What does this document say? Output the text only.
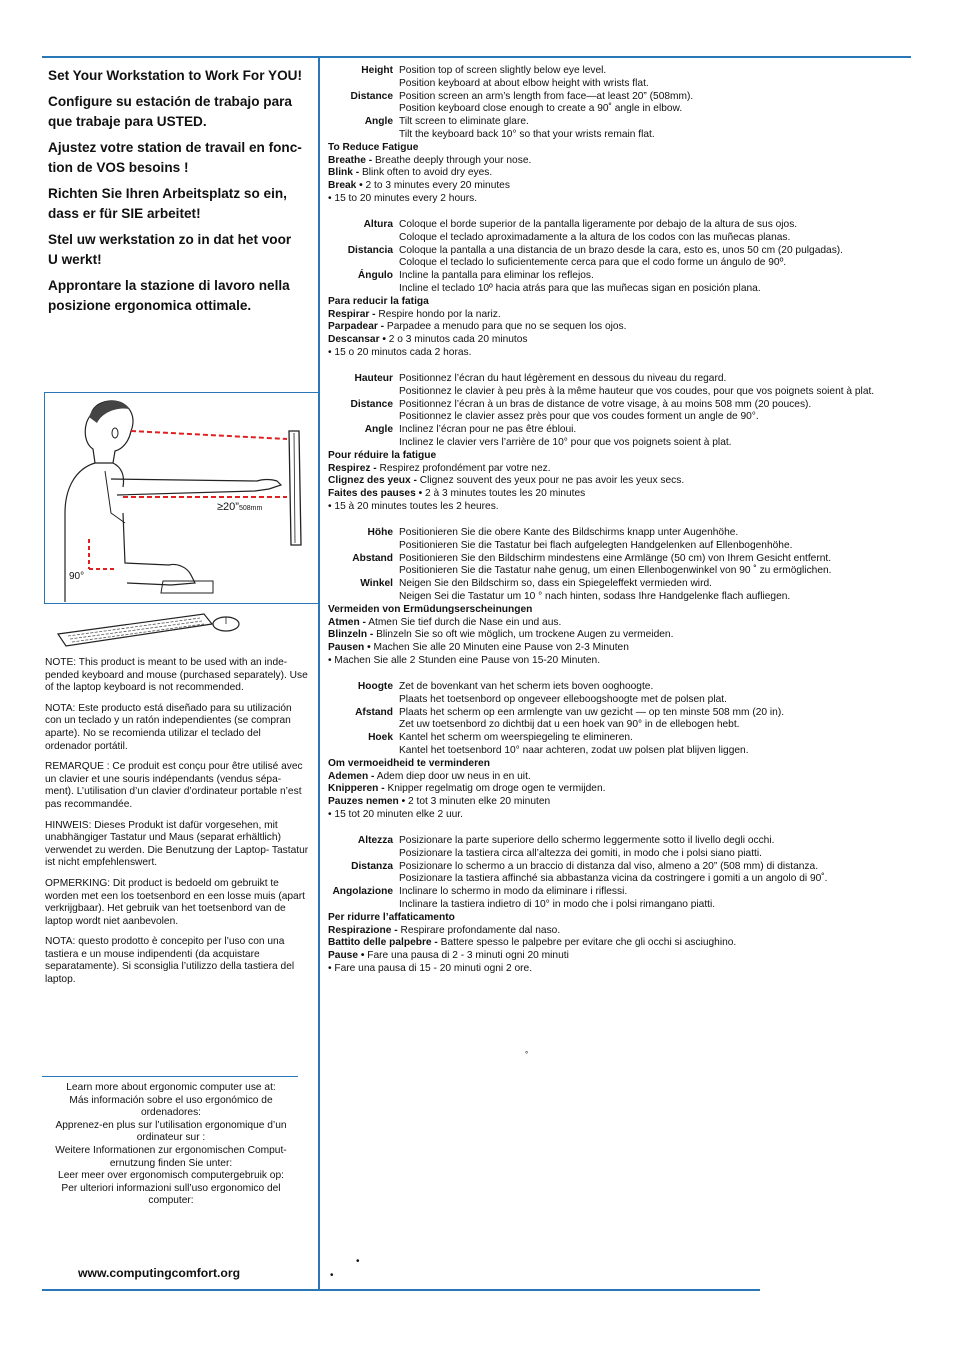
Set Your Workstation to Work For YOU!
Configure su estación de trabajo para que trabaje para USTED.
Ajustez votre station de travail en fonc- tion de VOS besoins !
Richten Sie Ihren Arbeitsplatz so ein, dass er für SIE arbeitet!
Stel uw werkstation zo in dat het voor U werkt!
Approntare la stazione di lavoro nella posizione ergonomica ottimale.
≥20”508mm
90°
NOTE: This product is meant to be used with an inde- pended keyboard and mouse (purchased separately). Use of the laptop keyboard is not recommended.
NOTA: Este producto está diseñado para su utilización con un teclado y un ratón independientes (se compran aparte). No se recomienda utilizar el teclado del ordenador portátil.
REMARQUE : Ce produit est conçu pour être utilisé avec un clavier et une souris indépendants (vendus sépa- ment). L’utilisation d’un clavier d’ordinateur portable n’est pas recommandée.
HINWEIS: Dieses Produkt ist dafür vorgesehen, mit unabhängiger Tastatur und Maus (separat erhältlich) verwendet zu werden. Die Benutzung der Laptop- Tastatur ist nicht empfehlenswert.
OPMERKING: Dit product is bedoeld om gebruikt te worden met een los toetsenbord en een losse muis (apart verkrijgbaar). Het gebruik van het toetsenbord van de laptop wordt niet aanbevolen.
NOTA: questo prodotto è concepito per l’uso con una tastiera e un mouse indipendenti (da acquistare separatamente). Si sconsiglia l’utilizzo della tastiera del laptop.
Learn more about ergonomic computer use at:
Más información sobre el uso ergonómico de ordenadores:
Apprenez-en plus sur l’utilisation ergonomique d’un ordinateur sur :
Weitere Informationen zur ergonomischen Comput- ernutzung finden Sie unter:
Leer meer over ergonomisch computergebruik op:
Per ulteriori informazioni sull’uso ergonomico del computer:
www.computingcomfort.org
Height Position top of screen slightly below eye level.
Position keyboard at about elbow height with wrists flat.
Distance Position screen an arm’s length from face—at least 20” (508mm).
Position keyboard close enough to create a 90˚ angle in elbow.
Angle Tilt screen to eliminate glare.
Tilt the keyboard back 10° so that your wrists remain flat.
To Reduce Fatigue
Breathe - Breathe deeply through your nose.
Blink - Blink often to avoid dry eyes.
Break • 2 to 3 minutes every 20 minutes
• 15 to 20 minutes every 2 hours.
Altura Coloque el borde superior de la pantalla ligeramente por debajo de la altura de sus ojos.
Coloque el teclado aproximadamente a la altura de los codos con las muñecas planas.
Distancia Coloque la pantalla a una distancia de un brazo desde la cara, esto es, unos 50 cm (20 pulgadas).
Coloque el teclado lo suficientemente cerca para que el codo forme un ángulo de 90º.
Ángulo Incline la pantalla para eliminar los reflejos.
Incline el teclado 10º hacia atrás para que las muñecas sigan en posición plana.
Para reducir la fatiga
Respirar - Respire hondo por la nariz.
Parpadear - Parpadee a menudo para que no se sequen los ojos.
Descansar • 2 o 3 minutos cada 20 minutos
• 15 o 20 minutos cada 2 horas.
Hauteur Positionnez l’écran du haut légèrement en dessous du niveau du regard.
Positionnez le clavier à peu près à la même hauteur que vos coudes, pour que vos poignets soient à plat.
Distance Positionnez l’écran à un bras de distance de votre visage, à au moins 508 mm (20 pouces).
Positionnez le clavier assez près pour que vos coudes forment un angle de 90°.
Angle Inclinez l’écran pour ne pas être ébloui.
Inclinez le clavier vers l’arrière de 10° pour que vos poignets soient à plat.
Pour réduire la fatigue
Respirez - Respirez profondément par votre nez.
Clignez des yeux - Clignez souvent des yeux pour ne pas avoir les yeux secs.
Faites des pauses • 2 à 3 minutes toutes les 20 minutes
• 15 à 20 minutes toutes les 2 heures.
Höhe Positionieren Sie die obere Kante des Bildschirms knapp unter Augenhöhe.
Positionieren Sie die Tastatur bei flach aufgelegten Handgelenken auf Ellenbogenhöhe.
Abstand Positionieren Sie den Bildschirm mindestens eine Armlänge (50 cm) von Ihrem Gesicht entfernt.
Positionieren Sie die Tastatur nahe genug, um einen Ellenbogenwinkel von 90 ˚ zu ermöglichen.
Winkel Neigen Sie den Bildschirm so, dass ein Spiegeleffekt vermieden wird.
Neigen Sei die Tastatur um 10 ° nach hinten, sodass Ihre Handgelenke flach aufliegen.
Vermeiden von Ermüdungserscheinungen
Atmen - Atmen Sie tief durch die Nase ein und aus.
Blinzeln - Blinzeln Sie so oft wie möglich, um trockene Augen zu vermeiden.
Pausen • Machen Sie alle 20 Minuten eine Pause von 2-3 Minuten
• Machen Sie alle 2 Stunden eine Pause von 15-20 Minuten.
Hoogte Zet de bovenkant van het scherm iets boven ooghoogte.
Plaats het toetsenbord op ongeveer elleboogshoogte met de polsen plat.
Afstand Plaats het scherm op een armlengte van uw gezicht — op ten minste 508 mm (20 in).
Zet uw toetsenbord zo dichtbij dat u een hoek van 90° in de ellebogen hebt.
Hoek Kantel het scherm om weerspiegeling te elimineren.
Kantel het toetsenbord 10° naar achteren, zodat uw polsen plat blijven liggen.
Om vermoeidheid te verminderen
Ademen - Adem diep door uw neus in en uit.
Knipperen - Knipper regelmatig om droge ogen te vermijden.
Pauzes nemen • 2 tot 3 minuten elke 20 minuten
• 15 tot 20 minuten elke 2 uur.
Altezza Posizionare la parte superiore dello schermo leggermente sotto il livello degli occhi.
Posizionare la tastiera circa all’altezza dei gomiti, in modo che i polsi siano piatti.
Distanza Posizionare lo schermo a un braccio di distanza dal viso, almeno a 20” (508 mm) di distanza.
Posizionare la tastiera affinché sia abbastanza vicina da costringere i gomiti a un angolo di 90˚.
Angolazione Inclinare lo schermo in modo da eliminare i riflessi.
Inclinare la tastiera indietro di 10° in modo che i polsi rimangano piatti.
Per ridurre l’affaticamento
Respirazione - Respirare profondamente dal naso.
Battito delle palpebre - Battere spesso le palpebre per evitare che gli occhi si asciughino.
Pause • Fare una pausa di 2 - 3 minuti ogni 20 minuti
• Fare una pausa di 15 - 20 minuti ogni 2 ore.
°
•
•
